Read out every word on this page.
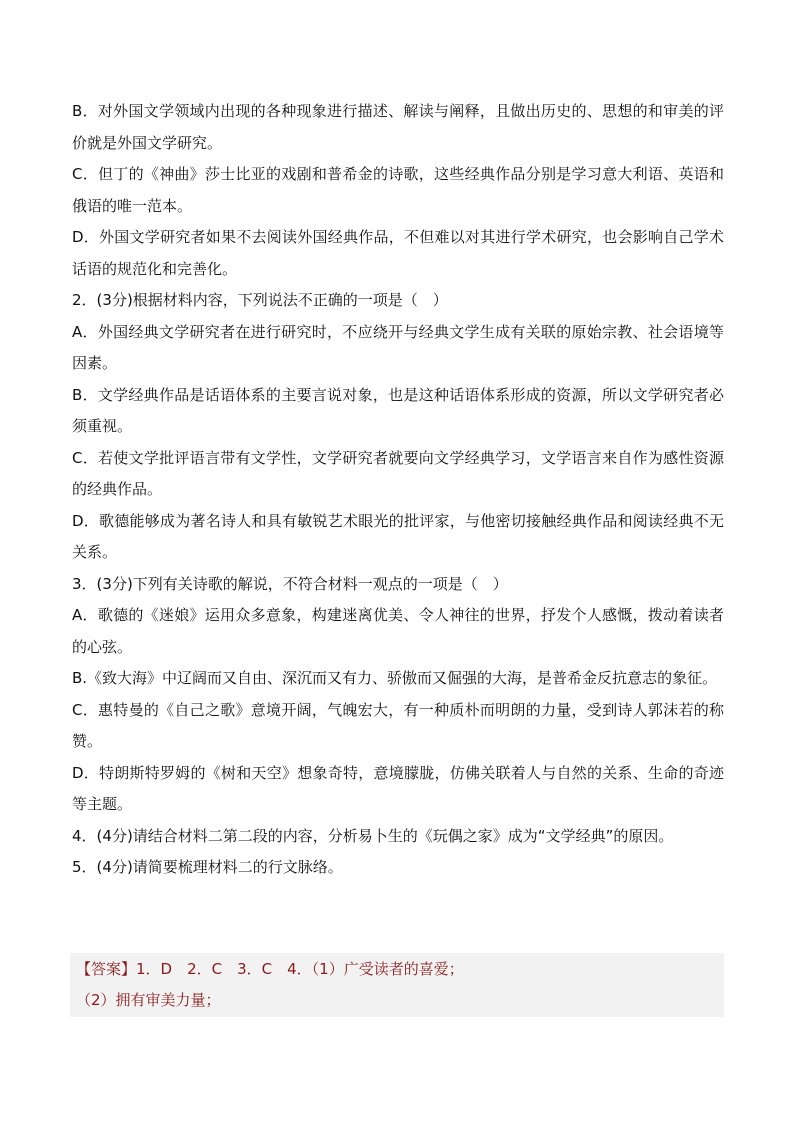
B．对外国文学领域内出现的各种现象进行描述、解读与阐释，且做出历史的、思想的和审美的评价就是外国文学研究。

C．但丁的《神曲》莎士比亚的戏剧和普希金的诗歌，这些经典作品分别是学习意大利语、英语和俄语的唯一范本。

D．外国文学研究者如果不去阅读外国经典作品，不但难以对其进行学术研究，也会影响自己学术话语的规范化和完善化。

2．(3分)根据材料内容，下列说法不正确的一项是（　）

A．外国经典文学研究者在进行研究时，不应绕开与经典文学生成有关联的原始宗教、社会语境等因素。

B．文学经典作品是话语体系的主要言说对象，也是这种话语体系形成的资源，所以文学研究者必须重视。

C．若使文学批评语言带有文学性，文学研究者就要向文学经典学习，文学语言来自作为感性资源的经典作品。

D．歌德能够成为著名诗人和具有敏锐艺术眼光的批评家，与他密切接触经典作品和阅读经典不无关系。

3．(3分)下列有关诗歌的解说，不符合材料一观点的一项是（　）

A．歌德的《迷娘》运用众多意象，构建迷离优美、令人神往的世界，抒发个人感慨，拨动着读者的心弦。

B.《致大海》中辽阔而又自由、深沉而又有力、骄傲而又倔强的大海，是普希金反抗意志的象征。

C．惠特曼的《自己之歌》意境开阔，气魄宏大，有一种质朴而明朗的力量，受到诗人郭沫若的称赞。

D．特朗斯特罗姆的《树和天空》想象奇特，意境朦胧，仿佛关联着人与自然的关系、生命的奇迹等主题。

4．(4分)请结合材料二第二段的内容，分析易卜生的《玩偶之家》成为“文学经典”的原因。

5．(4分)请简要梳理材料二的行文脉络。

【答案】1．D　2．C　3．C　4．（1）广受读者的喜爱；

（2）拥有审美力量；
